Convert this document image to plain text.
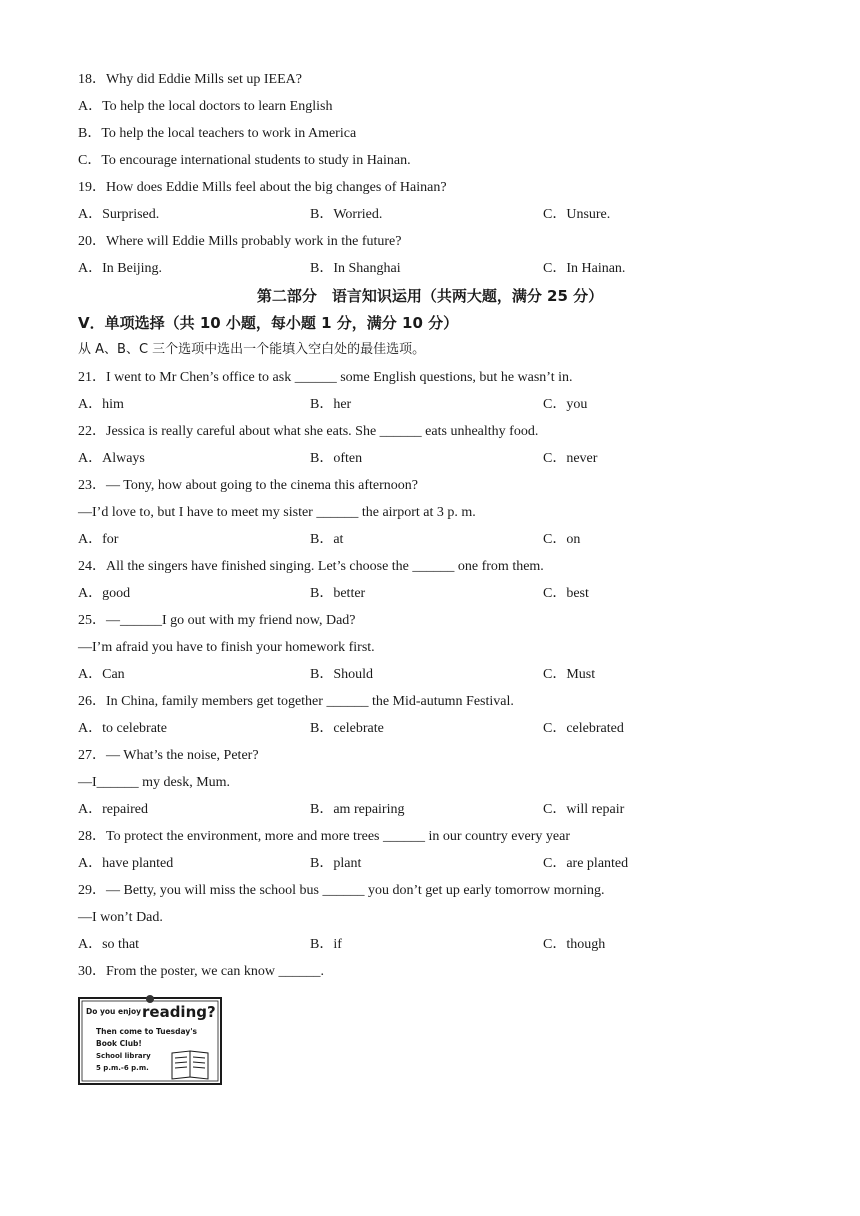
18．Why did Eddie Mills set up IEEA?
A．To help the local doctors to learn English
B．To help the local teachers to work in America
C．To encourage international students to study in Hainan.
19．How does Eddie Mills feel about the big changes of Hainan?
A．Surprised.	B．Worried.	C．Unsure.
20．Where will Eddie Mills probably work in the future?
A．In Beijing.	B．In Shanghai	C．In Hainan.
第二部分　语言知识运用（共两大题，满分 25 分）
Ⅴ．单项选择（共 10 小题，每小题 1 分，满分 10 分）
从 A、B、C 三个选项中选出一个能填入空白处的最佳选项。
21．I went to Mr Chen’s office to ask ______ some English questions, but he wasn’t in.
A．him	B．her	C．you
22．Jessica is really careful about what she eats. She ______ eats unhealthy food.
A．Always	B．often	C．never
23．— Tony, how about going to the cinema this afternoon?
—I’d love to, but I have to meet my sister ______ the airport at 3 p. m.
A．for	B．at	C．on
24．All the singers have finished singing. Let’s choose the ______ one from them.
A．good	B．better	C．best
25．—______I go out with my friend now, Dad?
—I’m afraid you have to finish your homework first.
A．Can	B．Should	C．Must
26．In China, family members get together ______ the Mid-autumn Festival.
A．to celebrate	B．celebrate	C．celebrated
27．— What’s the noise, Peter?
—I______ my desk, Mum.
A．repaired	B．am repairing	C．will repair
28．To protect the environment, more and more trees ______ in our country every year
A．have planted	B．plant	C．are planted
29．— Betty, you will miss the school bus ______ you don’t get up early tomorrow morning.
—I won’t Dad.
A．so that	B．if	C．though
30．From the poster, we can know ______.
Do you enjoy reading?
Then come to Tuesday's
Book Club!
School library
5 p.m.-6 p.m.
